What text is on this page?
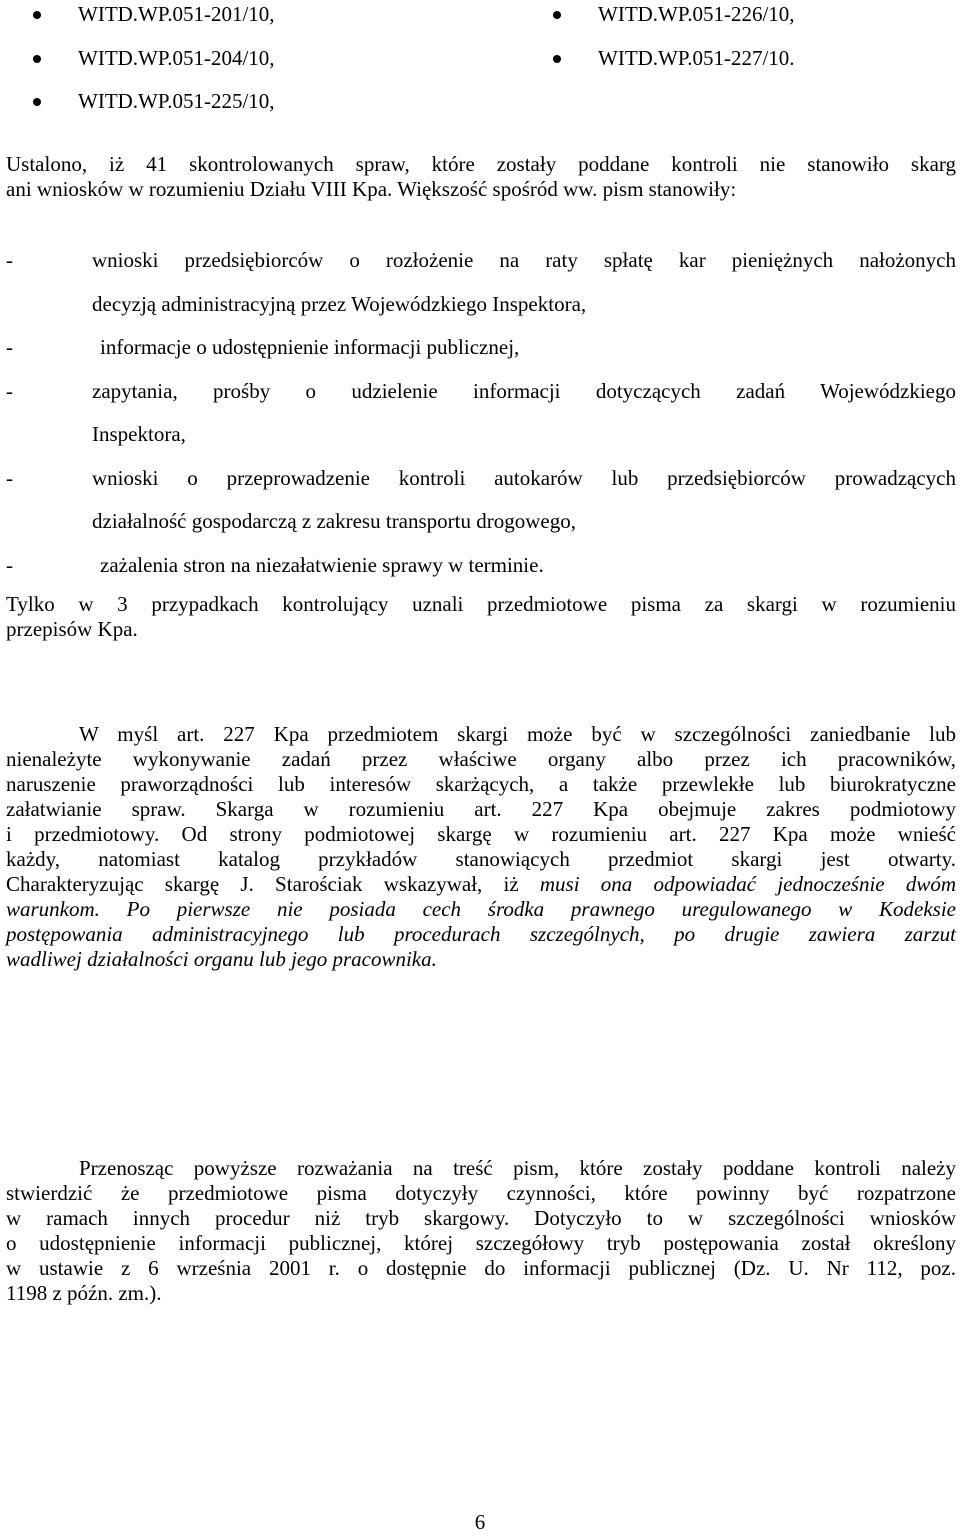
WITD.WP.051-201/10,
WITD.WP.051-204/10,
WITD.WP.051-225/10,
WITD.WP.051-226/10,
WITD.WP.051-227/10.
Ustalono, iż 41 skontrolowanych spraw, które zostały poddane kontroli nie stanowiło skarg
ani wniosków w rozumieniu Działu VIII Kpa. Większość spośród ww. pism stanowiły:
-	wnioski przedsiębiorców o rozłożenie na raty spłatę kar pieniężnych nałożonych
decyzją administracyjną przez Wojewódzkiego Inspektora,
-	informacje o udostępnienie informacji publicznej,
-	zapytania, prośby o udzielenie informacji dotyczących zadań Wojewódzkiego
Inspektora,
-	wnioski o przeprowadzenie kontroli autokarów lub przedsiębiorców prowadzących
działalność gospodarczą z zakresu transportu drogowego,
-	zażalenia stron na niezałatwienie sprawy w terminie.
Tylko w 3 przypadkach kontrolujący uznali przedmiotowe pisma za skargi w rozumieniu
przepisów Kpa.
W myśl art. 227 Kpa przedmiotem skargi może być w szczególności zaniedbanie lub
nienależyte wykonywanie zadań przez właściwe organy albo przez ich pracowników,
naruszenie praworządności lub interesów skarżących, a także przewlekłe lub biurokratyczne
załatwianie spraw. Skarga w rozumieniu art. 227 Kpa obejmuje zakres podmiotowy
i przedmiotowy. Od strony podmiotowej skargę w rozumieniu art. 227 Kpa może wnieść
każdy, natomiast katalog przykładów stanowiących przedmiot skargi jest otwarty.
Charakteryzując skargę J. Starościak wskazywał, iż musi ona odpowiadać jednocześnie dwóm
warunkom. Po pierwsze nie posiada cech środka prawnego uregulowanego w Kodeksie
postępowania administracyjnego lub procedurach szczególnych, po drugie zawiera zarzut
wadliwej działalności organu lub jego pracownika.
Przenosząc powyższe rozważania na treść pism, które zostały poddane kontroli należy
stwierdzić że przedmiotowe pisma dotyczyły czynności, które powinny być rozpatrzone
w ramach innych procedur niż tryb skargowy. Dotyczyło to w szczególności wniosków
o udostępnienie informacji publicznej, której szczegółowy tryb postępowania został określony
w ustawie z 6 września 2001 r. o dostępnie do informacji publicznej (Dz. U. Nr 112, poz.
1198 z późn. zm.).
6
